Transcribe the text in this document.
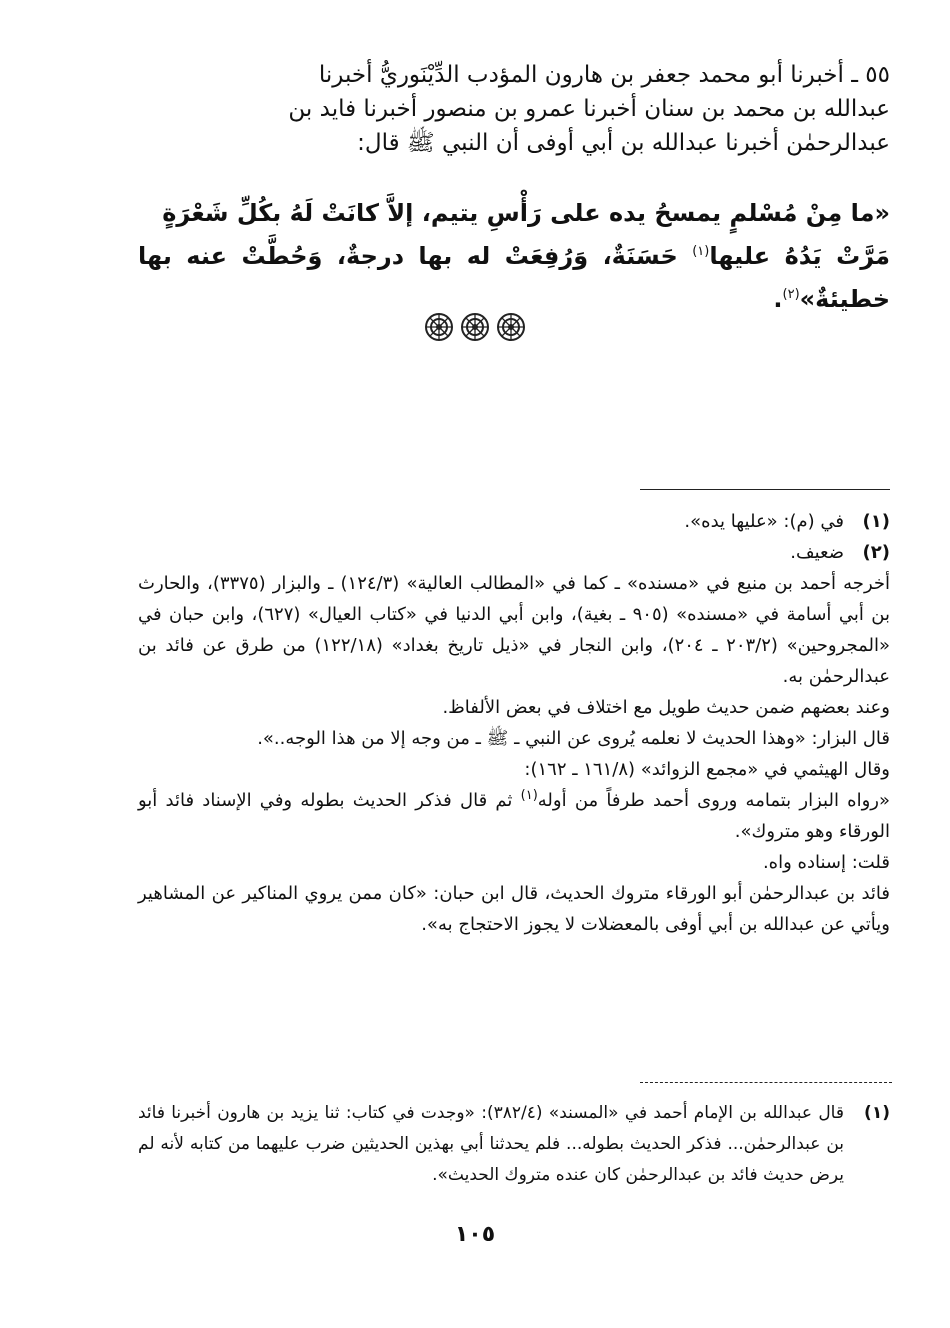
٥٥ ـ أخبرنا أبو محمد جعفر بن هارون المؤدب الدِّيْنَوريُّ أخبرنا

عبدالله بن محمد بن سنان أخبرنا عمرو بن منصور أخبرنا فايد بن

عبدالرحمٰن أخبرنا عبدالله بن أبي أوفى أن النبي ﷺ قال:

«ما مِنْ مُسْلمٍ يمسحُ يده على رَأْسِ يتيم، إلاَّ كانَتْ لَهُ بكُلِّ شَعْرَةٍ

مَرَّتْ يَدُهُ عليها$^{(١)}$ حَسَنَةٌ، وَرُفِعَتْ له بها درجةٌ، وَحُطَّتْ عنه بها خطيئةٌ»$^{(٢)}$.

(١)
في (م): «عليها يده».
(٢)
ضعيف.

أخرجه أحمد بن منيع في «مسنده» ـ كما في «المطالب العالية» (١٢٤/٣) ـ والبزار (٣٣٧٥)، والحارث بن أبي أسامة في «مسنده» (٩٠٥ ـ بغية)، وابن أبي الدنيا في «كتاب العيال» (٦٢٧)، وابن حبان في «المجروحين» (٢٠٣/٢ ـ ٢٠٤)، وابن النجار في «ذيل تاريخ بغداد» (١٢٢/١٨) من طرق عن فائد بن عبدالرحمٰن به.

وعند بعضهم ضمن حديث طويل مع اختلاف في بعض الألفاظ.

قال البزار: «وهذا الحديث لا نعلمه يُروى عن النبي ـ ﷺ ـ من وجه إلا من هذا الوجه..».

وقال الهيثمي في «مجمع الزوائد» (١٦١/٨ ـ ١٦٢):

«رواه البزار بتمامه وروى أحمد طرفاً من أوله$^{(١)}$ ثم قال فذكر الحديث بطوله وفي الإسناد فائد أبو الورقاء وهو متروك».

قلت: إسناده واه.

فائد بن عبدالرحمٰن أبو الورقاء متروك الحديث، قال ابن حبان: «كان ممن يروي المناكير عن المشاهير ويأتي عن عبدالله بن أبي أوفى بالمعضلات لا يجوز الاحتجاج به».

(١)
قال عبدالله بن الإمام أحمد في «المسند» (٣٨٢/٤): «وجدت في كتاب: ثنا يزيد بن هارون أخبرنا فائد بن عبدالرحمٰن... فذكر الحديث بطوله... فلم يحدثنا أبي بهذين الحديثين ضرب عليهما من كتابه لأنه لم يرض حديث فائد بن عبدالرحمٰن كان عنده متروك الحديث».
١٠٥
